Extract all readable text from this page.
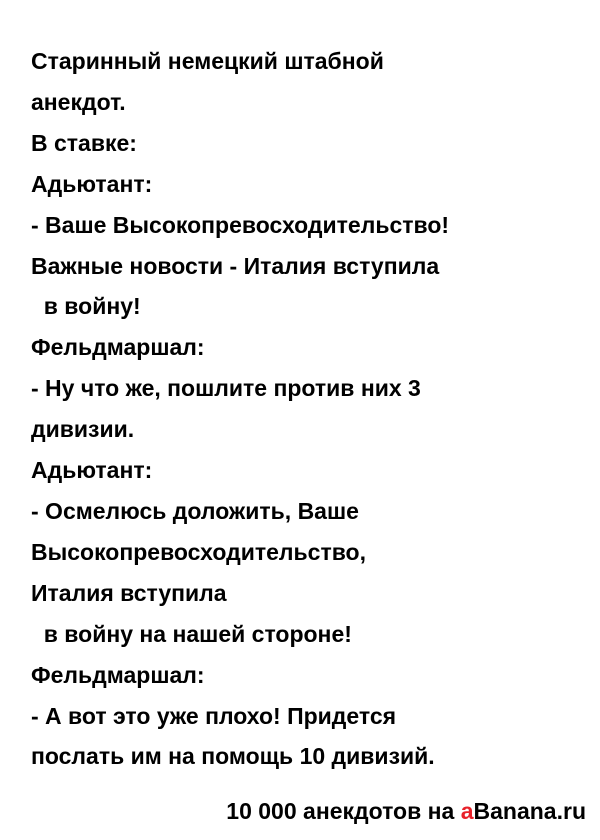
Старинный немецкий штабной

анекдот.

В ставке:

Адьютант:

- Ваше Высокопревосходительство!

Важные новости - Италия вступила

в войну!

Фельдмаршал:

- Ну что же, пошлите против них 3

дивизии.

Адьютант:

- Осмелюсь доложить, Ваше

Высокопревосходительство,

Италия вступила

в войну на нашей стороне!

Фельдмаршал:

- А вот это уже плохо! Придется

послать им на помощь 10 дивизий.

10 000 анекдотов на aBanana.ru
